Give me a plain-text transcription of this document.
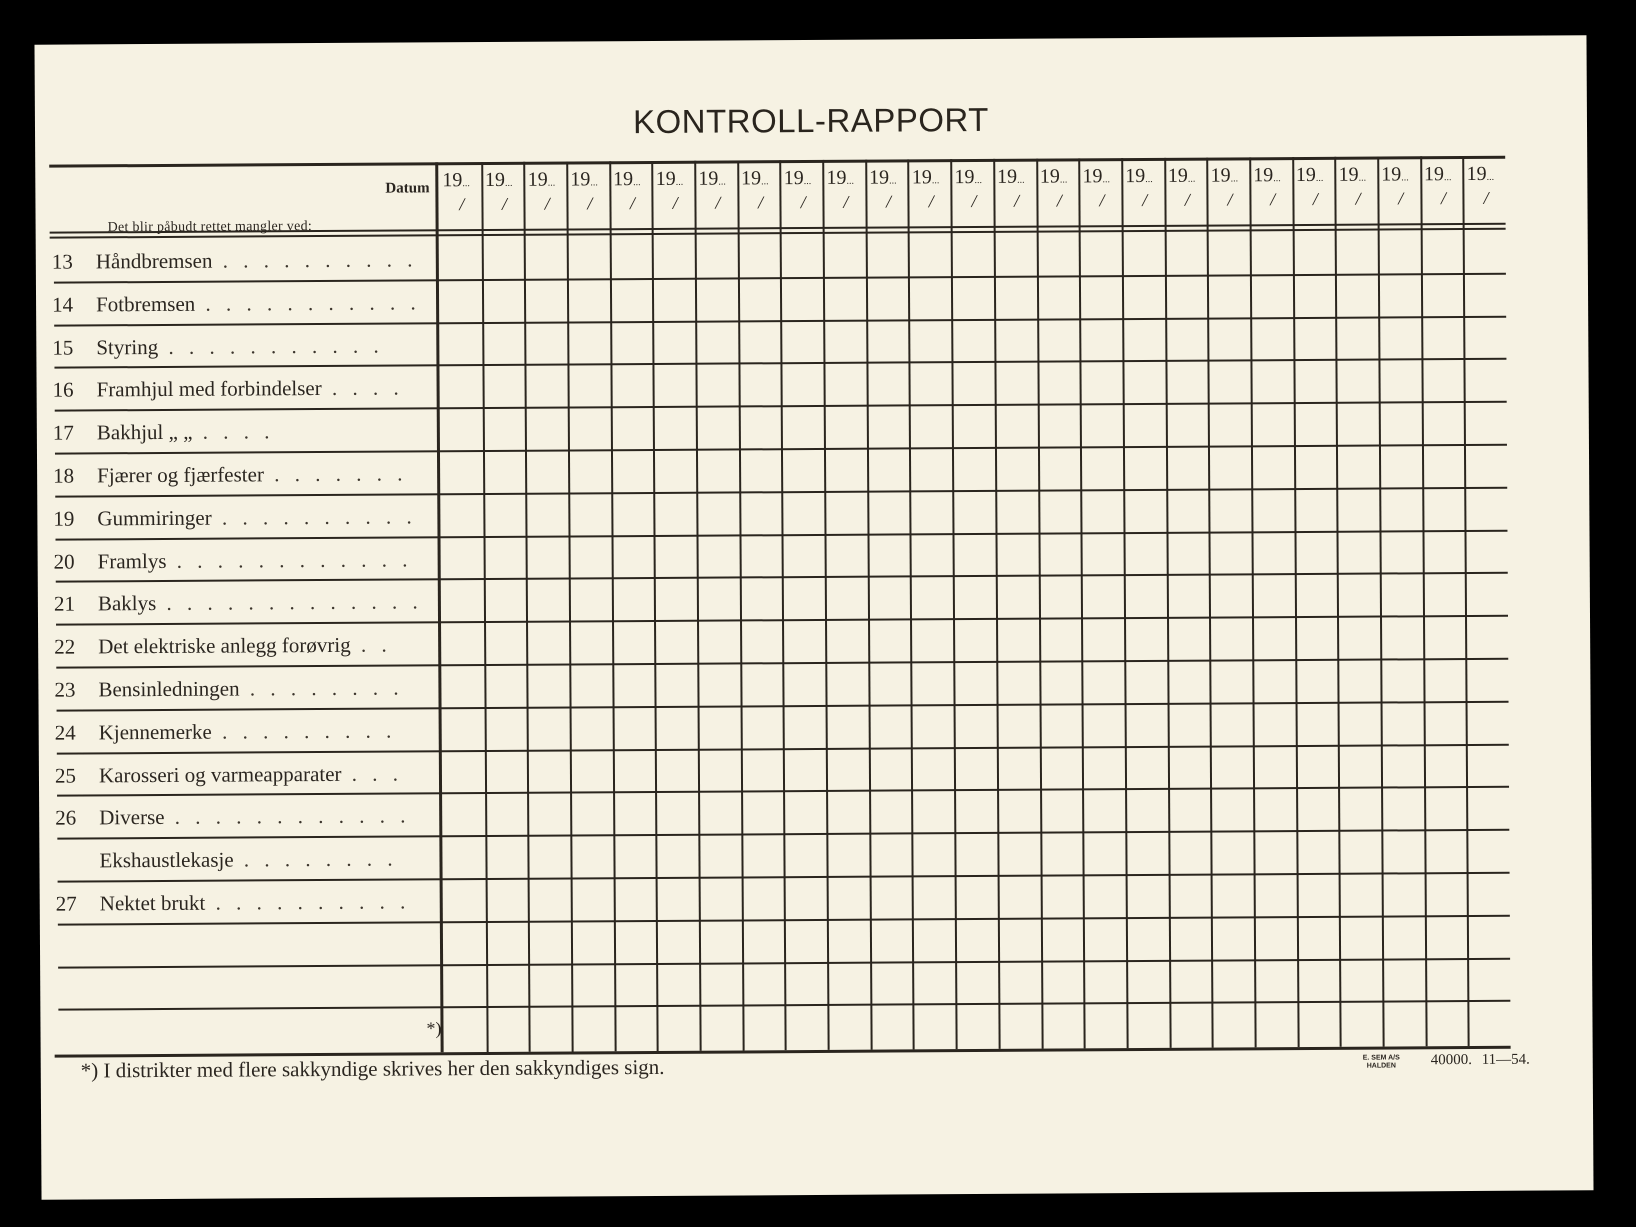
KONTROLL-RAPPORT
Datum
Det blir påbudt rettet mangler ved:
19...
/
19...
/
19...
/
19...
/
19...
/
19...
/
19...
/
19...
/
19...
/
19...
/
19...
/
19...
/
19...
/
19...
/
19...
/
19...
/
19...
/
19...
/
19...
/
19...
/
19...
/
19...
/
19...
/
19...
/
19...
/
13 Håndbremsen . . . . . . . . . .
14 Fotbremsen . . . . . . . . . . .
15 Styring . . . . . . . . . . .
16 Framhjul med forbindelser . . . .
17 Bakhjul „ „ . . . .
18 Fjærer og fjærfester . . . . . . .
19 Gummiringer . . . . . . . . . .
20 Framlys . . . . . . . . . . . .
21 Baklys . . . . . . . . . . . . .
22 Det elektriske anlegg forøvrig . .
23 Bensinledningen . . . . . . . .
24 Kjennemerke . . . . . . . . .
25 Karosseri og varmeapparater . . .
26 Diverse . . . . . . . . . . . .
Ekshaustlekasje . . . . . . . .
27 Nektet brukt . . . . . . . . . .
*)
*) I distrikter med flere sakkyndige skrives her den sakkyndiges sign.	E. SEM A/S
HALDEN 40000. 11—54.
